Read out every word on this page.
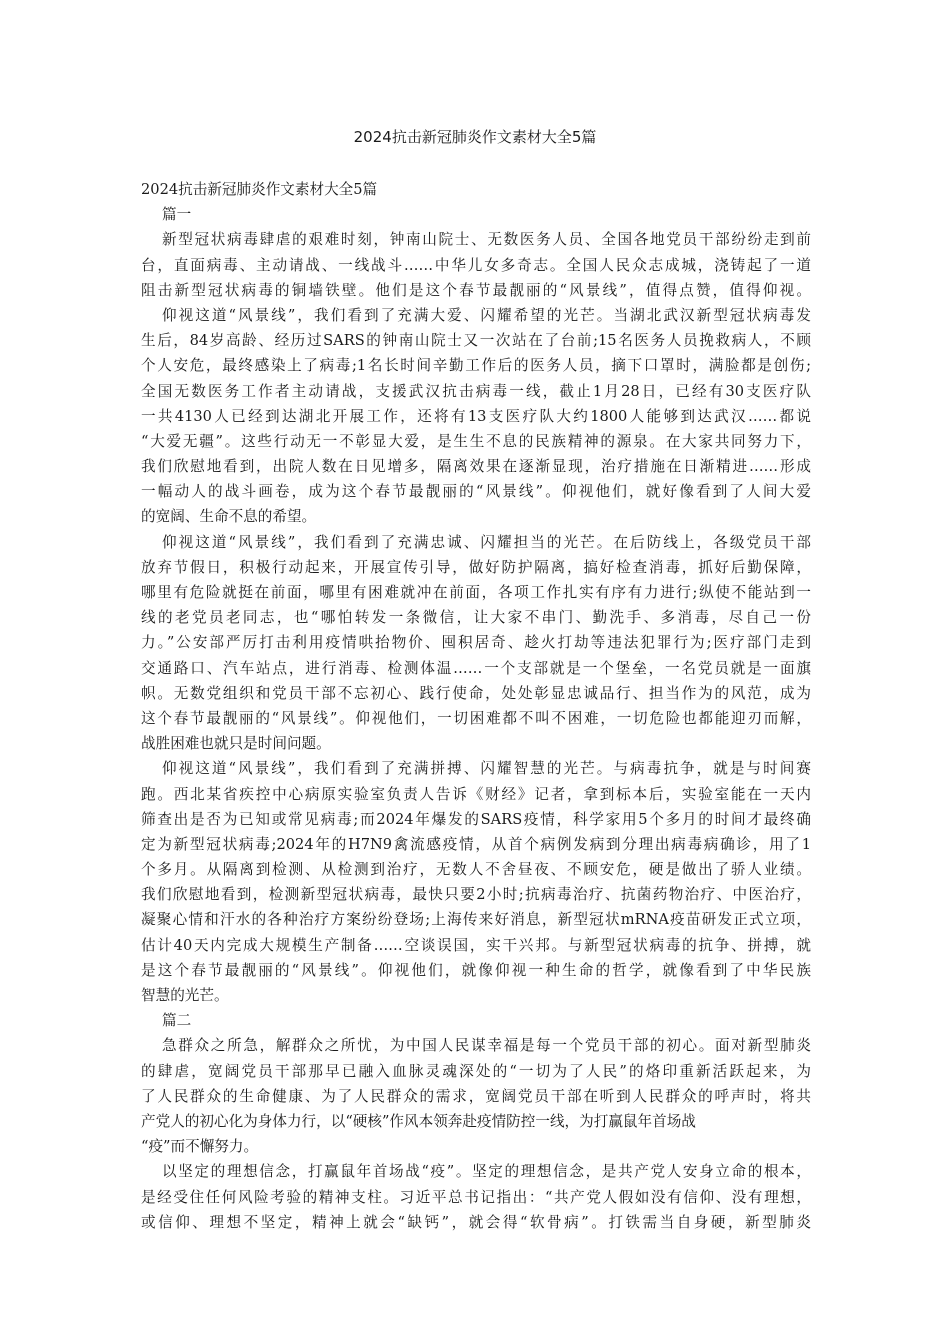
2024抗击新冠肺炎作文素材大全5篇
2024抗击新冠肺炎作文素材大全5篇
篇一
新型冠状病毒肆虐的艰难时刻，钟南山院士、无数医务人员、全国各地党员干部纷纷走到前
台，直面病毒、主动请战、一线战斗……中华儿女多奇志。全国人民众志成城，浇铸起了一道
阻击新型冠状病毒的铜墙铁壁。他们是这个春节最靓丽的“风景线”，值得点赞，值得仰视。
仰视这道“风景线”，我们看到了充满大爱、闪耀希望的光芒。当湖北武汉新型冠状病毒发
生后，84岁高龄、经历过SARS的钟南山院士又一次站在了台前;15名医务人员挽救病人，不顾
个人安危，最终感染上了病毒;1名长时间辛勤工作后的医务人员，摘下口罩时，满脸都是创伤;
全国无数医务工作者主动请战，支援武汉抗击病毒一线，截止1月28日，已经有30支医疗队
一共4130人已经到达湖北开展工作，还将有13支医疗队大约1800人能够到达武汉……都说
“大爱无疆”。这些行动无一不彰显大爱，是生生不息的民族精神的源泉。在大家共同努力下，
我们欣慰地看到，出院人数在日见增多，隔离效果在逐渐显现，治疗措施在日渐精进……形成
一幅动人的战斗画卷，成为这个春节最靓丽的“风景线”。仰视他们，就好像看到了人间大爱
的宽阔、生命不息的希望。
仰视这道“风景线”，我们看到了充满忠诚、闪耀担当的光芒。在后防线上，各级党员干部
放弃节假日，积极行动起来，开展宣传引导，做好防护隔离，搞好检查消毒，抓好后勤保障，
哪里有危险就挺在前面，哪里有困难就冲在前面，各项工作扎实有序有力进行;纵使不能站到一
线的老党员老同志，也“哪怕转发一条微信，让大家不串门、勤洗手、多消毒，尽自己一份
力。”公安部严厉打击利用疫情哄抬物价、囤积居奇、趁火打劫等违法犯罪行为;医疗部门走到
交通路口、汽车站点，进行消毒、检测体温……一个支部就是一个堡垒，一名党员就是一面旗
帜。无数党组织和党员干部不忘初心、践行使命，处处彰显忠诚品行、担当作为的风范，成为
这个春节最靓丽的“风景线”。仰视他们，一切困难都不叫不困难，一切危险也都能迎刃而解，
战胜困难也就只是时间问题。
仰视这道“风景线”，我们看到了充满拼搏、闪耀智慧的光芒。与病毒抗争，就是与时间赛
跑。西北某省疾控中心病原实验室负责人告诉《财经》记者，拿到标本后，实验室能在一天内
筛查出是否为已知或常见病毒;而2024年爆发的SARS疫情，科学家用5个多月的时间才最终确
定为新型冠状病毒;2024年的H7N9禽流感疫情，从首个病例发病到分理出病毒病确诊，用了1
个多月。从隔离到检测、从检测到治疗，无数人不舍昼夜、不顾安危，硬是做出了骄人业绩。
我们欣慰地看到，检测新型冠状病毒，最快只要2小时;抗病毒治疗、抗菌药物治疗、中医治疗，
凝聚心情和汗水的各种治疗方案纷纷登场;上海传来好消息，新型冠状mRNA疫苗研发正式立项，
估计40天内完成大规模生产制备……空谈误国，实干兴邦。与新型冠状病毒的抗争、拼搏，就
是这个春节最靓丽的“风景线”。仰视他们，就像仰视一种生命的哲学，就像看到了中华民族
智慧的光芒。
篇二
急群众之所急，解群众之所忧，为中国人民谋幸福是每一个党员干部的初心。面对新型肺炎
的肆虐，宽阔党员干部那早已融入血脉灵魂深处的“一切为了人民”的烙印重新活跃起来，为
了人民群众的生命健康、为了人民群众的需求，宽阔党员干部在听到人民群众的呼声时，将共
产党人的初心化为身体力行，以“硬核”作风本领奔赴疫情防控一线，为打赢鼠年首场战
“疫”而不懈努力。
以坚定的理想信念，打赢鼠年首场战“疫”。坚定的理想信念，是共产党人安身立命的根本，
是经受住任何风险考验的精神支柱。习近平总书记指出：“共产党人假如没有信仰、没有理想，
或信仰、理想不坚定，精神上就会“缺钙”，就会得“软骨病”。打铁需当自身硬，新型肺炎
